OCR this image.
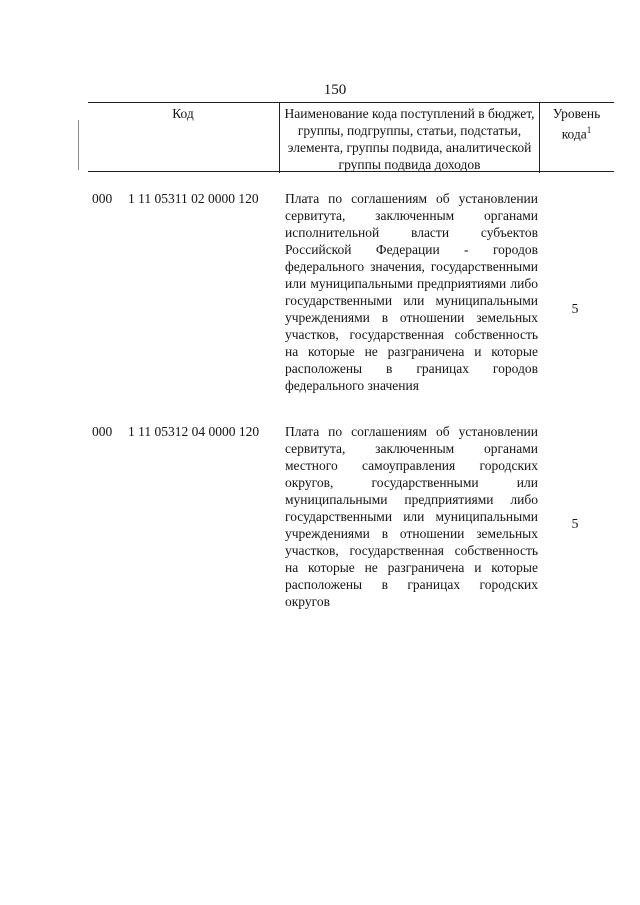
150
Код	Наименование кода поступлений в бюджет, группы, подгруппы, статьи, подстатьи, элемента, группы подвида, аналитической группы подвида доходов
Уровень кода$^1$
000 1 11 05311 02 0000 120 Плата по соглашениям об установлении сервитута, заключенным органами исполнительной власти субъектов Российской Федерации - городов федерального значения, государственными или муниципальными предприятиями либо государственными или муниципальными учреждениями в отношении земельных участков, государственная собственность на которые не разграничена и которые расположены в границах городов федерального значения
5
000 1 11 05312 04 0000 120 Плата по соглашениям об установлении сервитута, заключенным органами местного самоуправления городских округов, государственными или муниципальными предприятиями либо государственными или муниципальными учреждениями в отношении земельных участков, государственная собственность на которые не разграничена и которые расположены в границах городских округов
5
